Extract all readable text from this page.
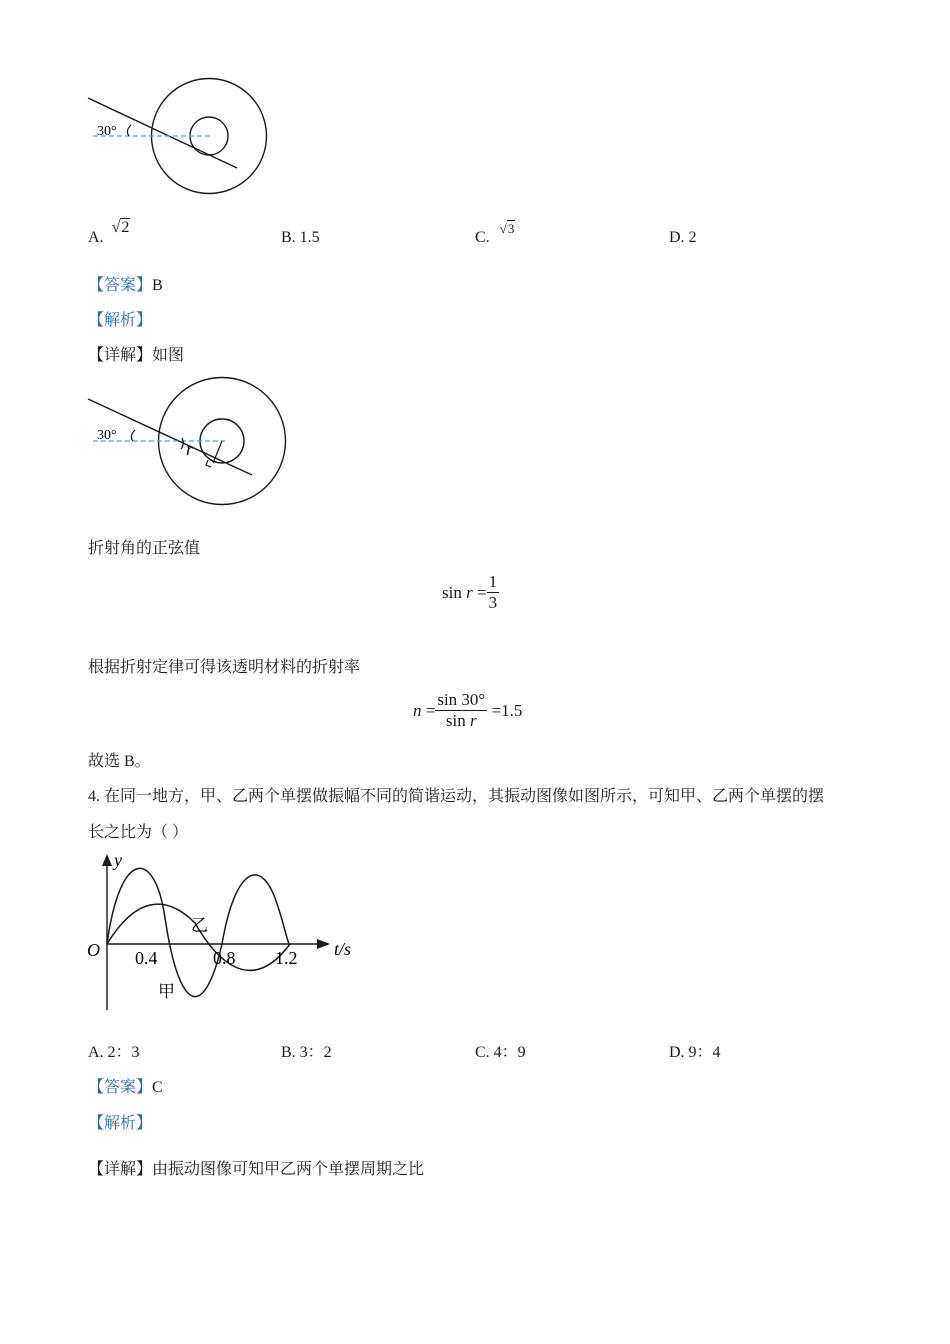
30°
A. √2
B. 1.5	C. $^{√3}$
D. 2
【答案】B
【解析】
【详解】如图
30°
r
折射角的正弦值
sin
r
= $\frac{1}{3}$
根据折射定律可得该透明材料的折射率
n
= $\frac{\sin 30^\circ}{\text{sin r}}$
=1.5
故选 B。
4. 在同一地方，甲、乙两个单摆做振幅不同的简谐运动，其振动图像如图所示，可知甲、乙两个单摆的摆
长之比为（ ）
y
O 0.4	0.8 1.2 t/s
乙
甲
A. 2：3	B. 3：2	C. 4：9	D. 9：4
【答案】C
【解析】
【详解】由振动图像可知甲乙两个单摆周期之比
